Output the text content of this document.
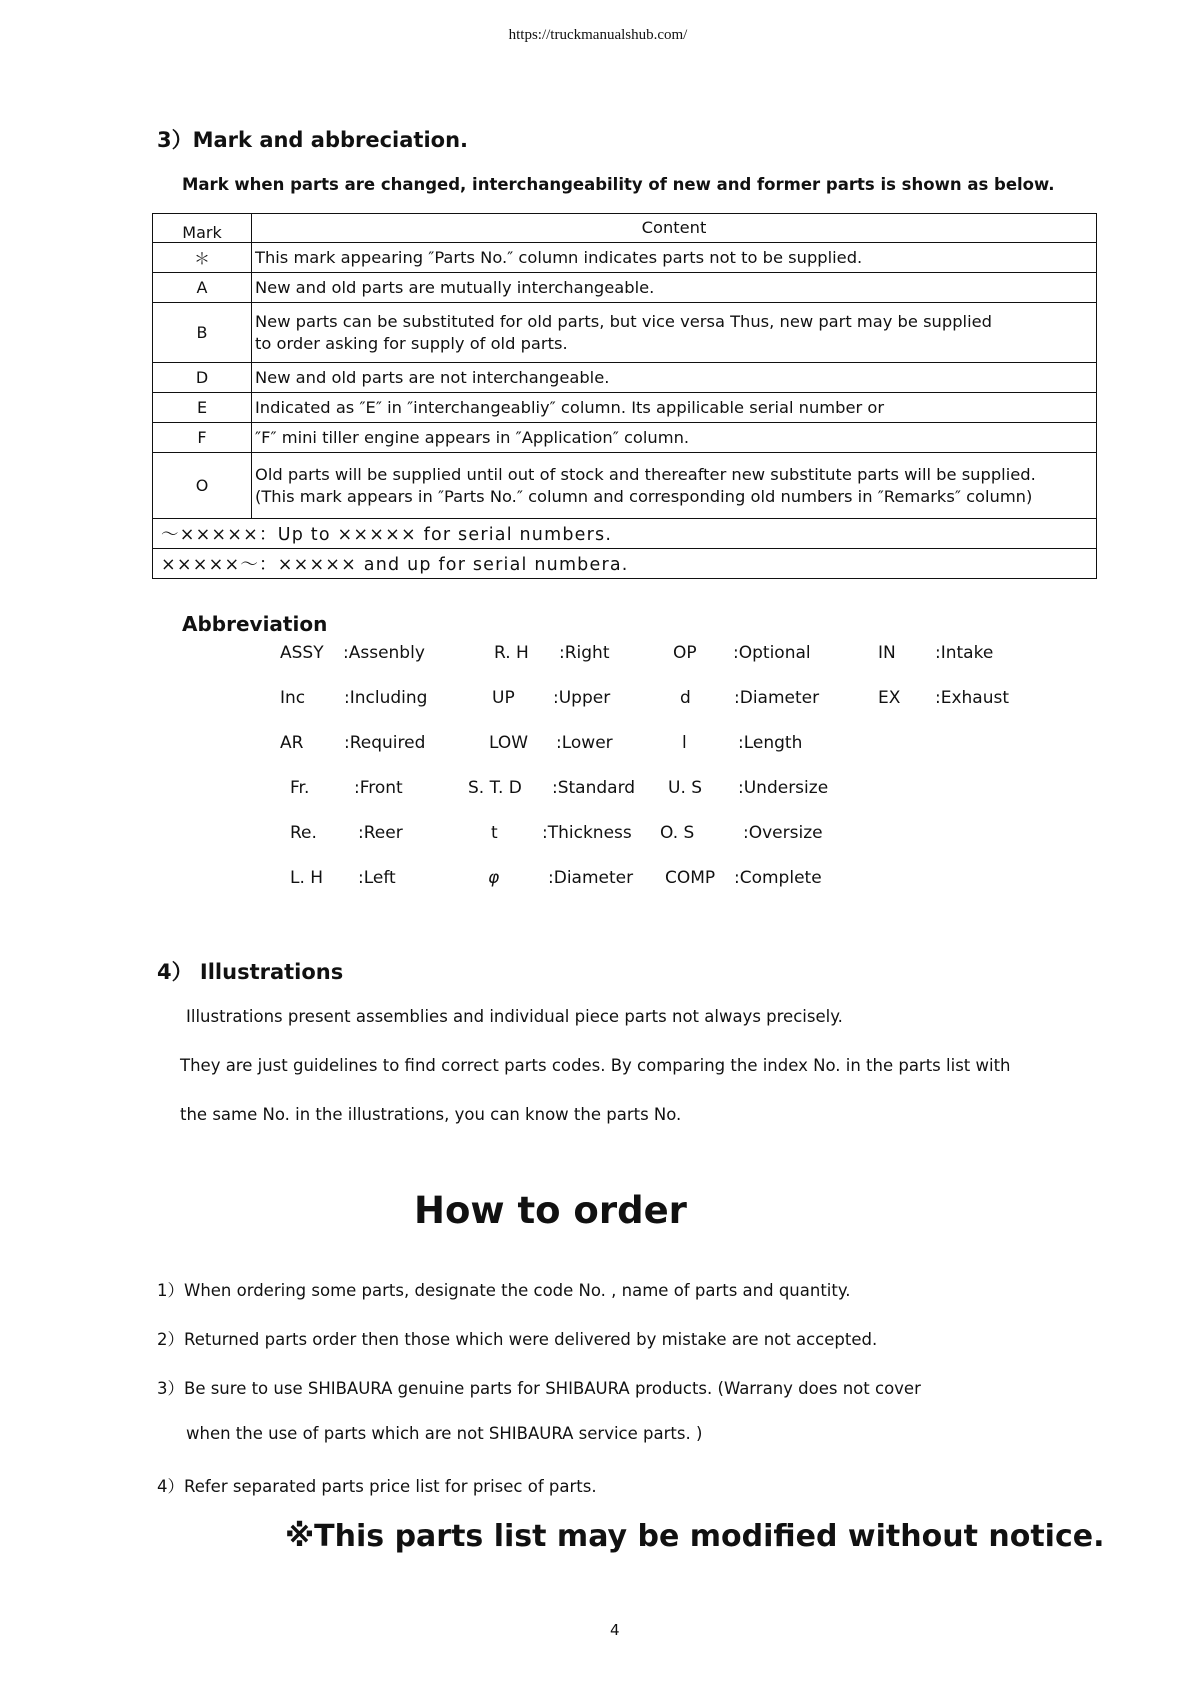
https://truckmanualshub.com/
3）Mark and abbreciation.
Mark when parts are changed, interchangeability of new and former parts is shown as below.
Mark	Content
＊	This mark appearing ″Parts No.″ column indicates parts not to be supplied.
A	New and old parts are mutually interchangeable.
B	New parts can be substituted for old parts, but vice versa Thus, new part may be supplied
to order asking for supply of old parts.

D	New and old parts are not interchangeable.
E	Indicated as ″E″ in ″interchangeabliy″ column. Its appilicable serial number or
F	″F″ mini tiller engine appears in ″Application″ column.
O	Old parts will be supplied until out of stock and thereafter new substitute parts will be supplied.
(This mark appears in ″Parts No.″ column and corresponding old numbers in ″Remarks″ column)

～×××××：Up to ××××× for serial numbers.	
×××××～：××××× and up for serial numbera.	
Abbreviation
ASSY :Assenbly
Inc :Including
AR :Required
Fr.	:Front
Re. :Reer
L. H :Left
R. H :Right
UP :Upper
LOW :Lower
S. T. D :Standard
t	:Thickness
φ	:Diameter
OP :Optional
d	:Diameter
l	:Length
U. S :Undersize
O. S	:Oversize
COMP :Complete
IN :Intake
EX :Exhaust
4） Illustrations
Illustrations present assemblies and individual piece parts not always precisely.
They are just guidelines to find correct parts codes. By comparing the index No. in the parts list with
the same No. in the illustrations, you can know the parts No.
How to order
1）When ordering some parts, designate the code No. , name of parts and quantity.
2）Returned parts order then those which were delivered by mistake are not accepted.
3）Be sure to use SHIBAURA genuine parts for SHIBAURA products. (Warrany does not cover
when the use of parts which are not SHIBAURA service parts. )
4）Refer separated parts price list for prisec of parts.
※This parts list may be modified without notice.
4
